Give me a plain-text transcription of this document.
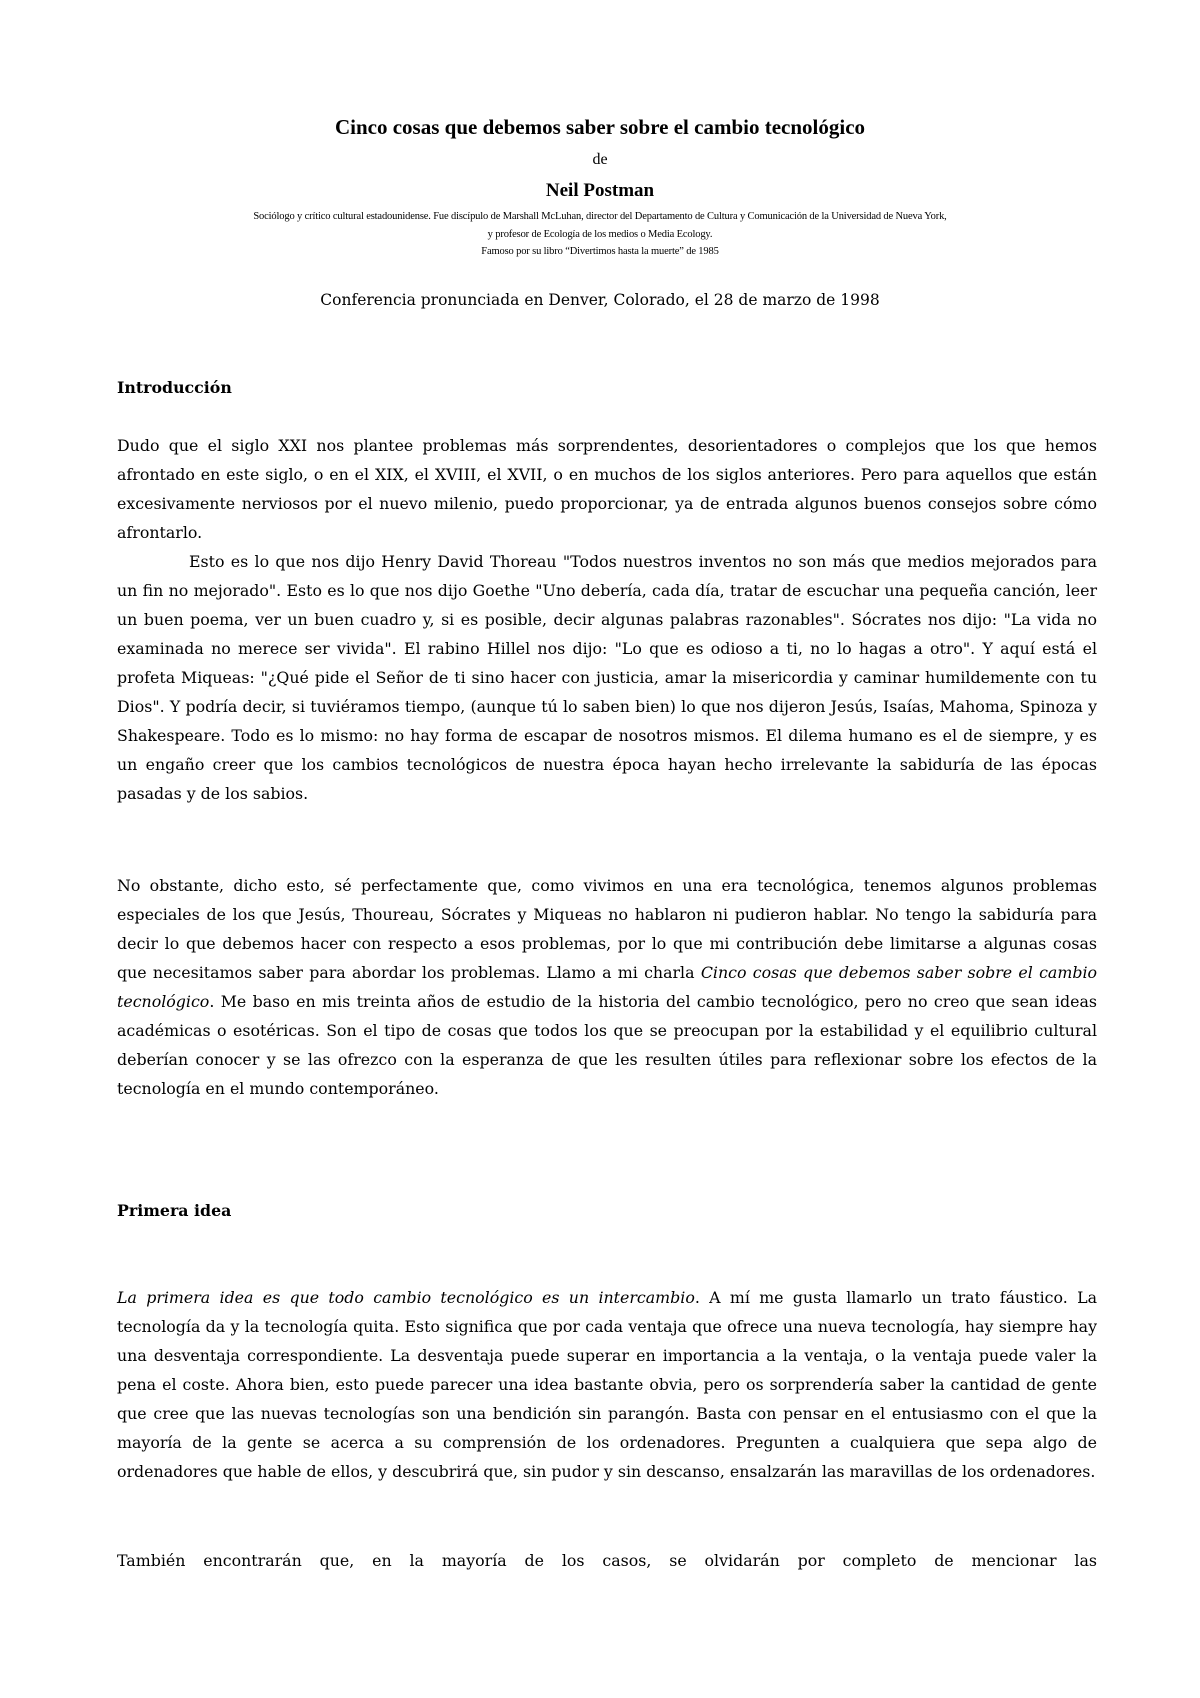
Cinco cosas que debemos saber sobre el cambio tecnológico
de
Neil Postman
Sociólogo y crítico cultural estadounidense. Fue discípulo de Marshall McLuhan, director del Departamento de Cultura y Comunicación de la Universidad de Nueva York,
y profesor de Ecología de los medios o Media Ecology.
Famoso por su libro “Divertimos hasta la muerte” de 1985
Conferencia pronunciada en Denver, Colorado, el 28 de marzo de 1998
Introducción

Dudo que el siglo XXI nos plantee problemas más sorprendentes, desorientadores o complejos que los que hemos afrontado en este siglo, o en el XIX, el XVIII, el XVII, o en muchos de los siglos anteriores. Pero para aquellos que están excesivamente nerviosos por el nuevo milenio, puedo proporcionar, ya de entrada algunos buenos consejos sobre cómo afrontarlo.

Esto es lo que nos dijo Henry David Thoreau "Todos nuestros inventos no son más que medios mejorados para un fin no mejorado". Esto es lo que nos dijo Goethe "Uno debería, cada día, tratar de escuchar una pequeña canción, leer un buen poema, ver un buen cuadro y, si es posible, decir algunas palabras razonables". Sócrates nos dijo: "La vida no examinada no merece ser vivida". El rabino Hillel nos dijo: "Lo que es odioso a ti, no lo hagas a otro". Y aquí está el profeta Miqueas: "¿Qué pide el Señor de ti sino hacer con justicia, amar la misericordia y caminar humildemente con tu Dios". Y podría decir, si tuviéramos tiempo, (aunque tú lo saben bien) lo que nos dijeron Jesús, Isaías, Mahoma, Spinoza y Shakespeare. Todo es lo mismo: no hay forma de escapar de nosotros mismos. El dilema humano es el de siempre, y es un engaño creer que los cambios tecnológicos de nuestra época hayan hecho irrelevante la sabiduría de las épocas pasadas y de los sabios.

No obstante, dicho esto, sé perfectamente que, como vivimos en una era tecnológica, tenemos algunos problemas especiales de los que Jesús, Thoureau, Sócrates y Miqueas no hablaron ni pudieron hablar. No tengo la sabiduría para decir lo que debemos hacer con respecto a esos problemas, por lo que mi contribución debe limitarse a algunas cosas que necesitamos saber para abordar los problemas. Llamo a mi charla Cinco cosas que debemos saber sobre el cambio tecnológico. Me baso en mis treinta años de estudio de la historia del cambio tecnológico, pero no creo que sean ideas académicas o esotéricas. Son el tipo de cosas que todos los que se preocupan por la estabilidad y el equilibrio cultural deberían conocer y se las ofrezco con la esperanza de que les resulten útiles para reflexionar sobre los efectos de la tecnología en el mundo contemporáneo.

Primera idea

La primera idea es que todo cambio tecnológico es un intercambio. A mí me gusta llamarlo un trato fáustico. La tecnología da y la tecnología quita. Esto significa que por cada ventaja que ofrece una nueva tecnología, hay siempre hay una desventaja correspondiente. La desventaja puede superar en importancia a la ventaja, o la ventaja puede valer la pena el coste. Ahora bien, esto puede parecer una idea bastante obvia, pero os sorprendería saber la cantidad de gente que cree que las nuevas tecnologías son una bendición sin parangón. Basta con pensar en el entusiasmo con el que la mayoría de la gente se acerca a su comprensión de los ordenadores. Pregunten a cualquiera que sepa algo de ordenadores que hable de ellos, y descubrirá que, sin pudor y sin descanso, ensalzarán las maravillas de los ordenadores.

También encontrarán que, en la mayoría de los casos, se olvidarán por completo de mencionar las
